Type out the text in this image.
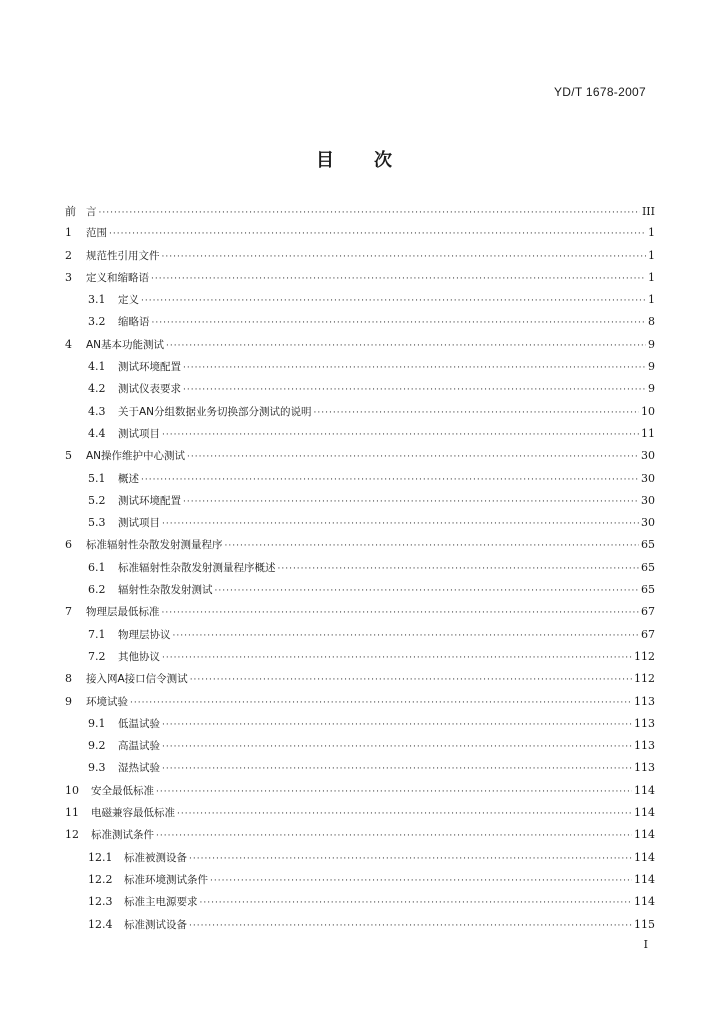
YD/T 1678-2007
目次
前 言 ·····	III
1	范围 ·····	1
2	规范性引用文件 ·····	1
3	定义和缩略语 ·····	1
3.1	定义 ·····	1
3.2	缩略语 ·····	8
4	AN基本功能测试 ·····	9
4.1	测试环境配置 ·····	9
4.2	测试仪表要求 ·····	9
4.3	关于AN分组数据业务切换部分测试的说明 ·····	10
4.4	测试项目 ·····	11
5	AN操作维护中心测试 ·····	30
5.1	概述 ·····	30
5.2	测试环境配置 ·····	30
5.3	测试项目 ·····	30
6	标准辐射性杂散发射测量程序 ·····	65
6.1	标准辐射性杂散发射测量程序概述 ·····	65
6.2	辐射性杂散发射测试 ·····	65
7	物理层最低标准 ·····	67
7.1	物理层协议 ·····	67
7.2	其他协议 ·····	112
8	接入网A接口信令测试 ·····	112
9	环境试验 ·····	113
9.1	低温试验 ·····	113
9.2	高温试验 ·····	113
9.3	湿热试验 ·····	113
10	安全最低标准 ·····	114
11	电磁兼容最低标准 ·····	114
12	标准测试条件 ·····	114
12.1	标准被测设备 ·····	114
12.2	标准环境测试条件 ·····	114
12.3	标准主电源要求 ·····	114
12.4	标准测试设备 ·····	115
I
